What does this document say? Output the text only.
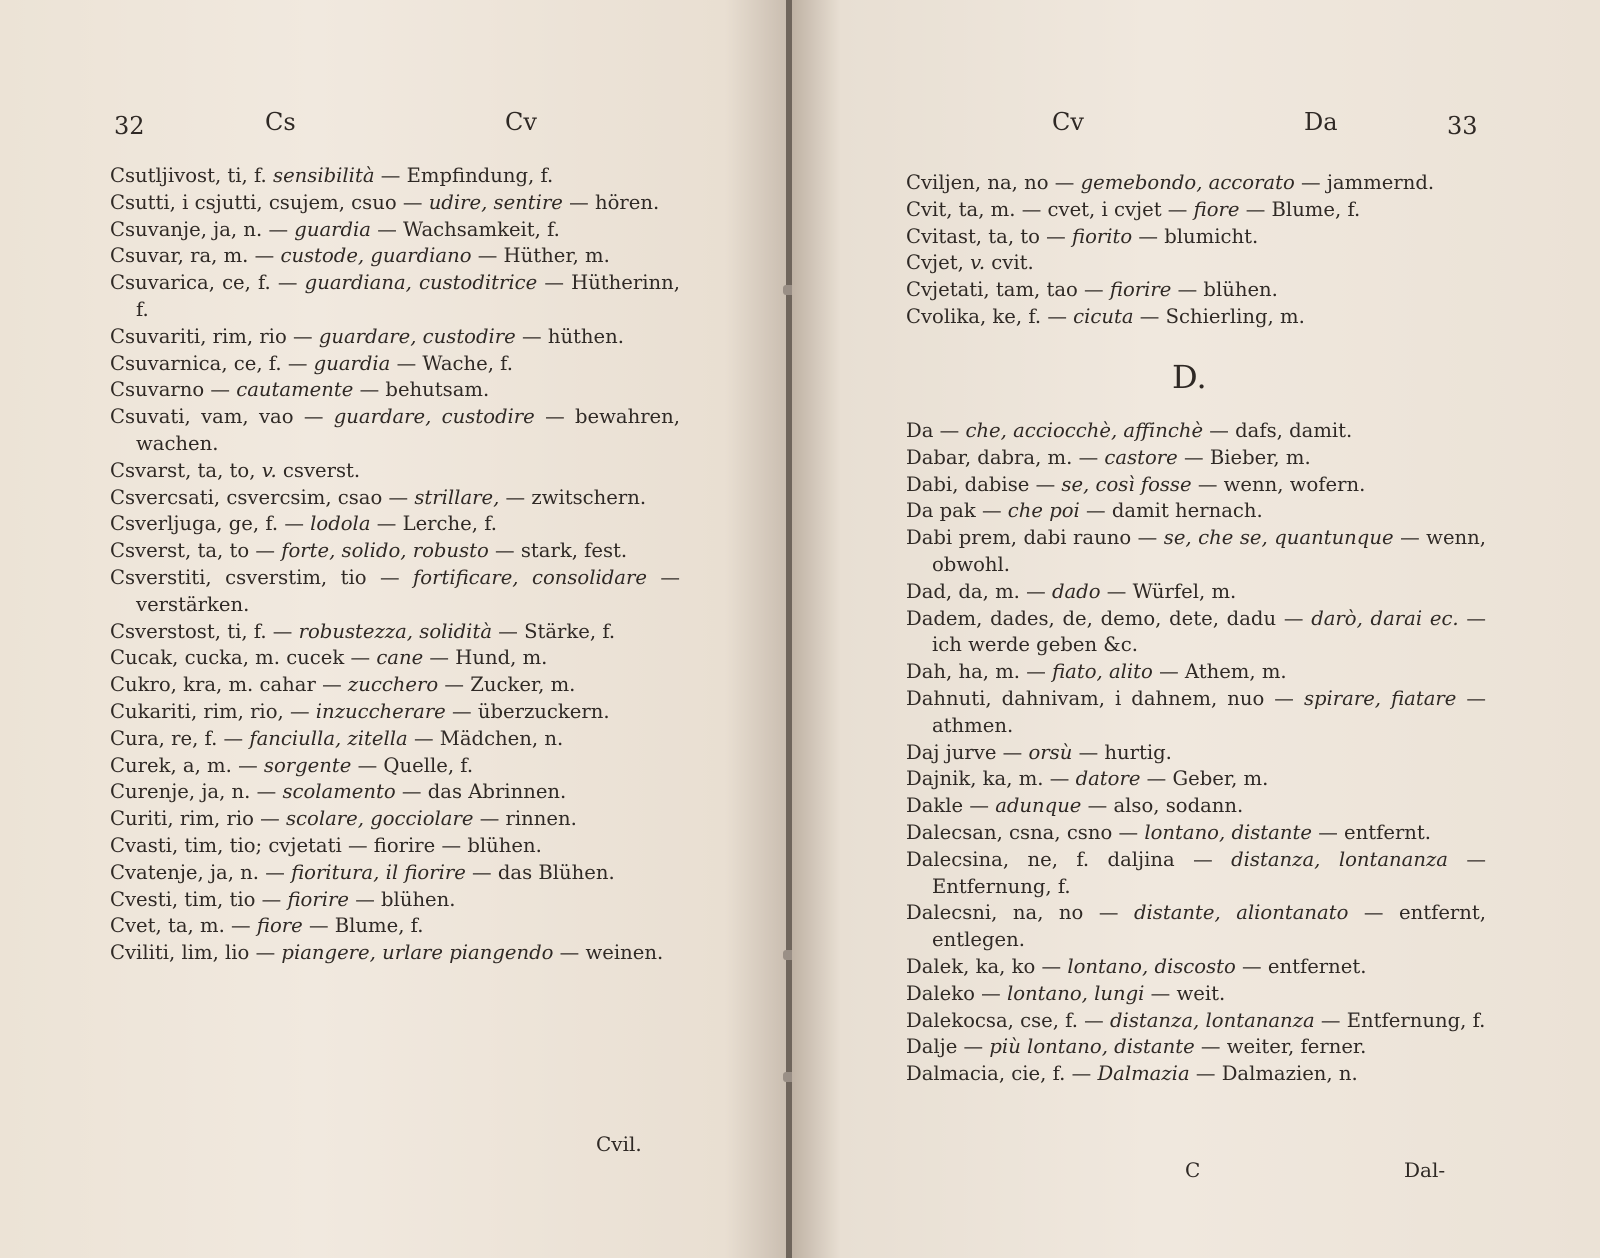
32	Cs	Cv
Csutljivost, ti, f. sensibilità — Empfindung, f.
Csutti, i csjutti, csujem, csuo — udire, sentire — hören.
Csuvanje, ja, n. — guardia — Wachsamkeit, f.
Csuvar, ra, m. — custode, guardiano — Hüther, m.
Csuvarica, ce, f. — guardiana, custoditrice — Hütherinn, f.
Csuvariti, rim, rio — guardare, custodire — hüthen.
Csuvarnica, ce, f. — guardia — Wache, f.
Csuvarno — cautamente — behutsam.
Csuvati, vam, vao — guardare, custodire — bewahren, wachen.
Csvarst, ta, to, v. csverst.
Csvercsati, csvercsim, csao — strillare, — zwitschern.
Csverljuga, ge, f. — lodola — Lerche, f.
Csverst, ta, to — forte, solido, robusto — stark, fest.
Csverstiti, csverstim, tio — fortificare, consolidare — verstärken.
Csverstost, ti, f. — robustezza, solidità — Stärke, f.
Cucak, cucka, m. cucek — cane — Hund, m.
Cukro, kra, m. cahar — zucchero — Zucker, m.
Cukariti, rim, rio, — inzuccherare — überzuckern.
Cura, re, f. — fanciulla, zitella — Mädchen, n.
Curek, a, m. — sorgente — Quelle, f.
Curenje, ja, n. — scolamento — das Abrinnen.
Curiti, rim, rio — scolare, gocciolare — rinnen.
Cvasti, tim, tio; cvjetati — fiorire — blühen.
Cvatenje, ja, n. — fioritura, il fiorire — das Blühen.
Cvesti, tim, tio — fiorire — blühen.
Cvet, ta, m. — fiore — Blume, f.
Cviliti, lim, lio — piangere, urlare piangendo — weinen.
Cvil.
Cv	Da	33
Cviljen, na, no — gemebondo, accorato — jammernd.
Cvit, ta, m. — cvet, i cvjet — fiore — Blume, f.
Cvitast, ta, to — fiorito — blumicht.
Cvjet, v. cvit.
Cvjetati, tam, tao — fiorire — blühen.
Cvolika, ke, f. — cicuta — Schierling, m.
D.
Da — che, acciocchè, affinchè — dafs, damit.
Dabar, dabra, m. — castore — Bieber, m.
Dabi, dabise — se, così fosse — wenn, wofern.
Da pak — che poi — damit hernach.
Dabi prem, dabi rauno — se, che se, quantunque — wenn, obwohl.
Dad, da, m. — dado — Würfel, m.
Dadem, dades, de, demo, dete, dadu — darò, darai ec. — ich werde geben &c.
Dah, ha, m. — fiato, alito — Athem, m.
Dahnuti, dahnivam, i dahnem, nuo — spirare, fiatare — athmen.
Daj jurve — orsù — hurtig.
Dajnik, ka, m. — datore — Geber, m.
Dakle — adunque — also, sodann.
Dalecsan, csna, csno — lontano, distante — entfernt.
Dalecsina, ne, f. daljina — distanza, lontananza — Entfernung, f.
Dalecsni, na, no — distante, aliontanato — entfernt, entlegen.
Dalek, ka, ko — lontano, discosto — entfernet.
Daleko — lontano, lungi — weit.
Dalekocsa, cse, f. — distanza, lontananza — Entfernung, f.
Dalje — più lontano, distante — weiter, ferner.
Dalmacia, cie, f. — Dalmazia — Dalmazien, n.
C	Dal-
